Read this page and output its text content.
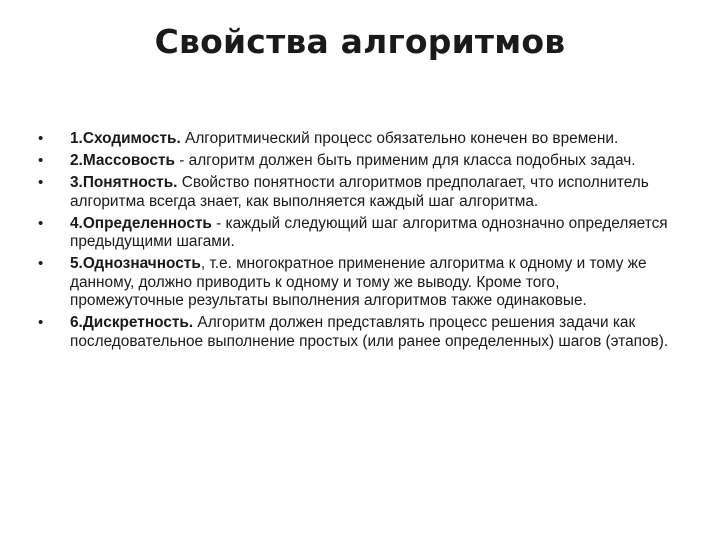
Свойства алгоритмов
• 1.Сходимость. Алгоритмический процесс обязательно конечен во времени.
• 2.Массовость - алгоритм должен быть применим для класса подобных задач.
• 3.Понятность. Свойство понятности алгоритмов предполагает, что исполнитель алгоритма всегда знает, как выполняется каждый шаг алгоритма.
• 4.Определенность - каждый следующий шаг алгоритма однозначно определяется предыдущими шагами.
• 5.Однозначность, т.е. многократное применение алгоритма к одному и тому же данному, должно приводить к одному и тому же выводу. Кроме того, промежуточные результаты выполнения алгоритмов также одинаковые.
• 6.Дискретность. Алгоритм должен представлять процесс решения задачи как последовательное выполнение простых (или ранее определенных) шагов (этапов).
